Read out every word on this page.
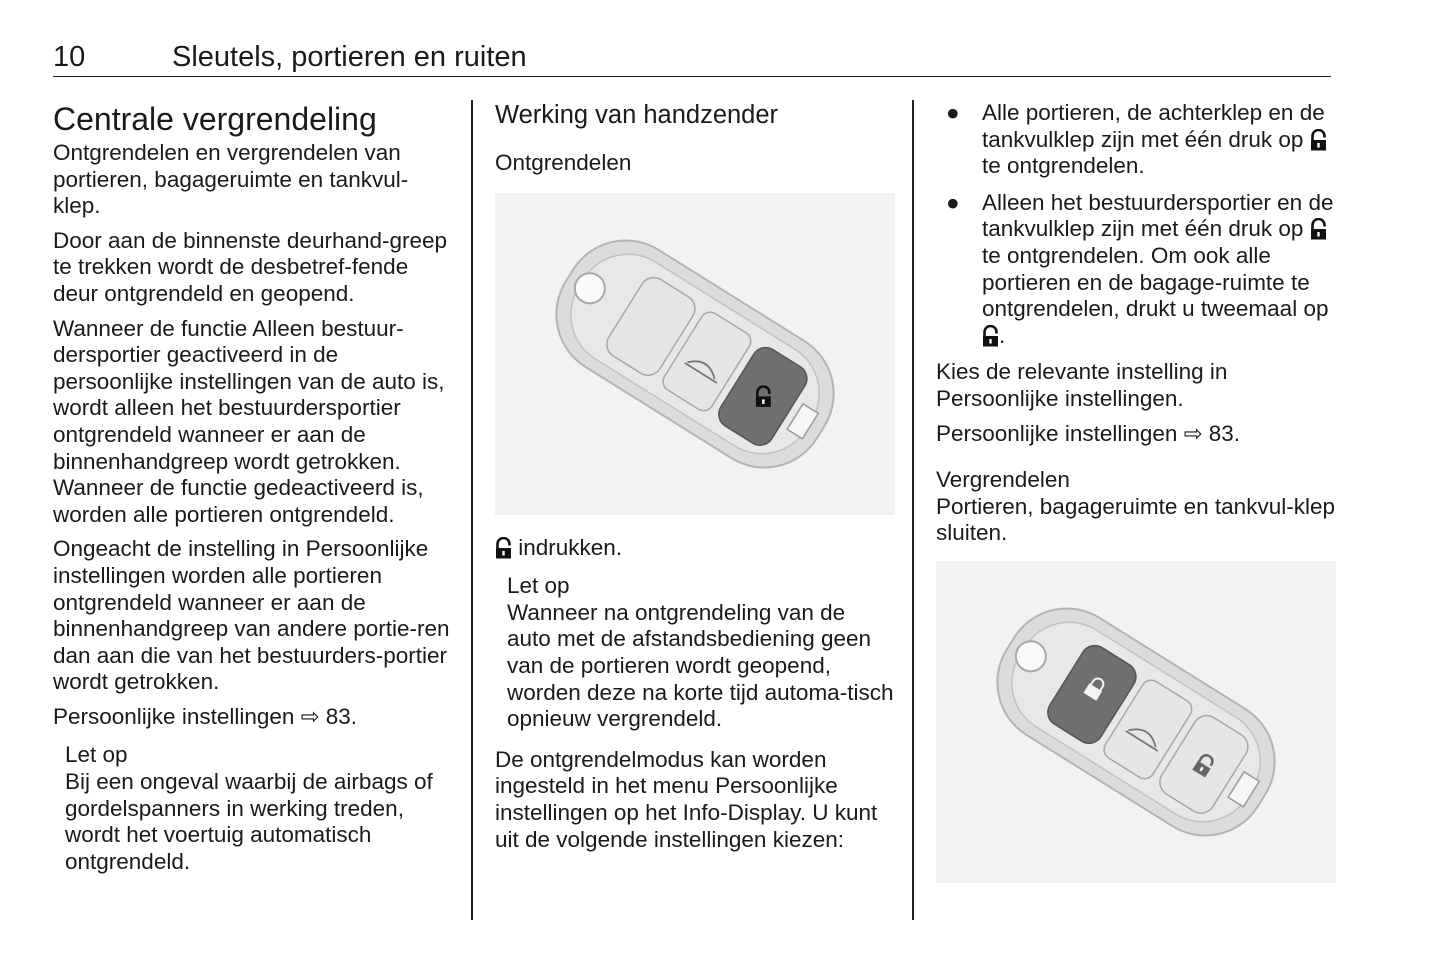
10	Sleutels, portieren en ruiten
Centrale vergrendeling

Ontgrendelen en vergrendelen van portieren, bagageruimte en tankvul-klep.

Door aan de binnenste deurhand-greep te trekken wordt de desbetref-fende deur ontgrendeld en geopend.

Wanneer de functie Alleen bestuur-dersportier geactiveerd in de persoonlijke instellingen van de auto is, wordt alleen het bestuurdersportier ontgrendeld wanneer er aan de binnenhandgreep wordt getrokken. Wanneer de functie gedeactiveerd is, worden alle portieren ontgrendeld.

Ongeacht de instelling in Persoonlijke instellingen worden alle portieren ontgrendeld wanneer er aan de binnenhandgreep van andere portie-ren dan aan die van het bestuurders-portier wordt getrokken.

Persoonlijke instellingen ⇨ 83.

Let op
Bij een ongeval waarbij de airbags of gordelspanners in werking treden, wordt het voertuig automatisch ontgrendeld.
Werking van handzender
Ontgrendelen

indrukken.

Let op
Wanneer na ontgrendeling van de auto met de afstandsbediening geen van de portieren wordt geopend, worden deze na korte tijd automa-tisch opnieuw vergrendeld.

De ontgrendelmodus kan worden ingesteld in het menu Persoonlijke instellingen op het Info-Display. U kunt uit de volgende instellingen kiezen:

● Alle portieren, de achterklep en de tankvulklep zijn met één druk op  te ontgrendelen.
● Alleen het bestuurdersportier en de tankvulklep zijn met één druk op  te ontgrendelen. Om ook alle portieren en de bagage-ruimte te ontgrendelen, drukt u tweemaal op .

Kies de relevante instelling in Persoonlijke instellingen.

Persoonlijke instellingen ⇨ 83.

Vergrendelen

Portieren, bagageruimte en tankvul-klep sluiten.
